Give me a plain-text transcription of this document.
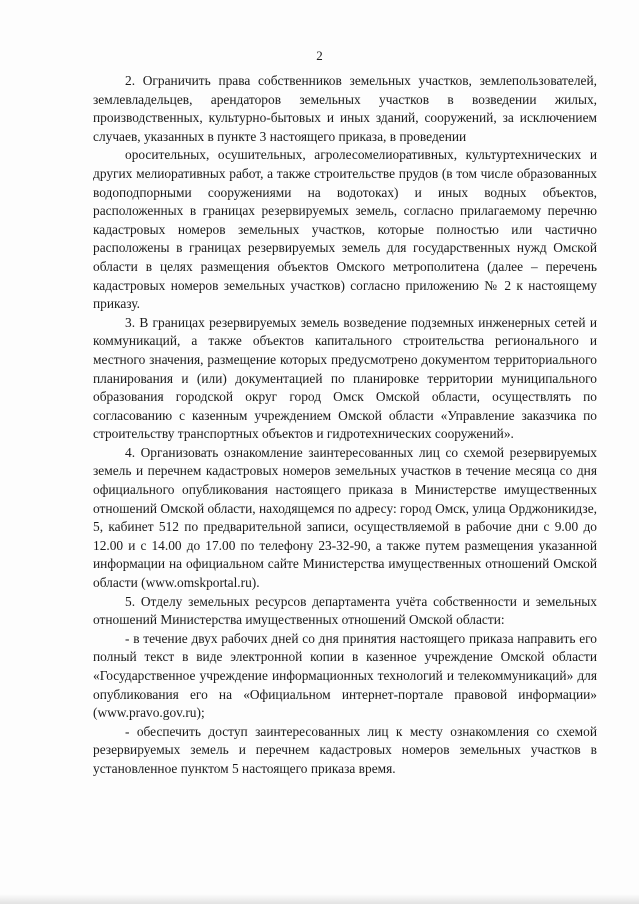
2

2. Ограничить права собственников земельных участков, землепользователей, землевладельцев, арендаторов земельных участков в возведении жилых, производственных, культурно-бытовых и иных зданий, сооружений, за исключением случаев, указанных в пункте 3 настоящего приказа, в проведении

оросительных, осушительных, агролесомелиоративных, культуртехнических и других мелиоративных работ, а также строительстве прудов (в том числе образованных водоподпорными сооружениями на водотоках) и иных водных объектов, расположенных в границах резервируемых земель, согласно прилагаемому перечню кадастровых номеров земельных участков, которые полностью или частично расположены в границах резервируемых земель для государственных нужд Омской области в целях размещения объектов Омского метрополитена (далее – перечень кадастровых номеров земельных участков) согласно приложению № 2 к настоящему приказу.

3. В границах резервируемых земель возведение подземных инженерных сетей и коммуникаций, а также объектов капитального строительства регионального и местного значения, размещение которых предусмотрено документом территориального планирования и (или) документацией по планировке территории муниципального образования городской округ город Омск Омской области, осуществлять по согласованию с казенным учреждением Омской области «Управление заказчика по строительству транспортных объектов и гидротехнических сооружений».

4. Организовать ознакомление заинтересованных лиц со схемой резервируемых земель и перечнем кадастровых номеров земельных участков в течение месяца со дня официального опубликования настоящего приказа в Министерстве имущественных отношений Омской области, находящемся по адресу: город Омск, улица Орджоникидзе, 5, кабинет 512 по предварительной записи, осуществляемой в рабочие дни с 9.00 до 12.00 и с 14.00 до 17.00 по телефону 23-32-90, а также путем размещения указанной информации на официальном сайте Министерства имущественных отношений Омской области (www.omskportal.ru).

5. Отделу земельных ресурсов департамента учёта собственности и земельных отношений Министерства имущественных отношений Омской области:

- в течение двух рабочих дней со дня принятия настоящего приказа направить его полный текст в виде электронной копии в казенное учреждение Омской области «Государственное учреждение информационных технологий и телекоммуникаций» для опубликования его на «Официальном интернет-портале правовой информации» (www.pravo.gov.ru);

- обеспечить доступ заинтересованных лиц к месту ознакомления со схемой резервируемых земель и перечнем кадастровых номеров земельных участков в установленное пунктом 5 настоящего приказа время.
